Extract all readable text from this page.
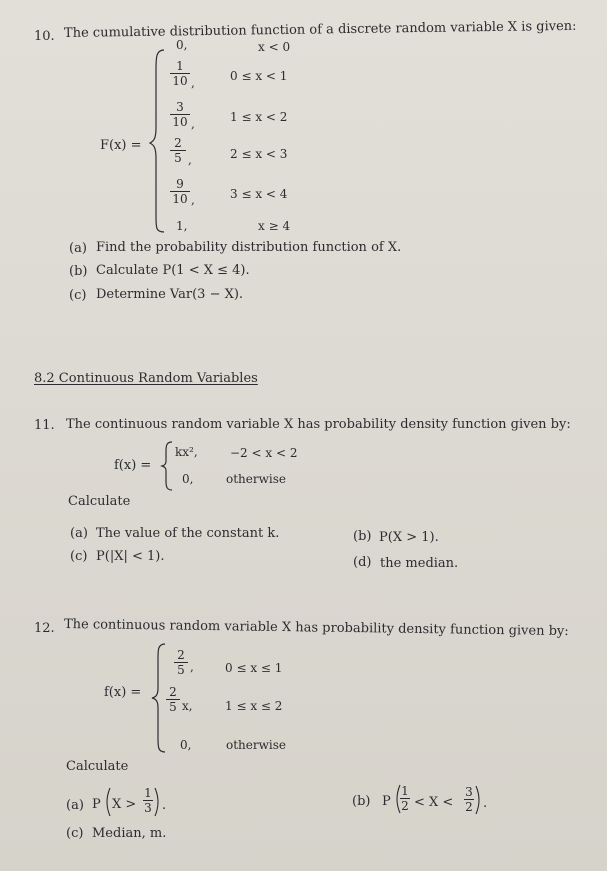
10. The cumulative distribution function of a discrete random variable X is given:
F(x) =
0,	x < 0
1
10 ,	0 ≤ x < 1
3
10 ,	1 ≤ x < 2
2
5 ,	2 ≤ x < 3
9
10 ,	3 ≤ x < 4
1,	x ≥ 4
(a) Find the probability distribution function of X.
(b) Calculate P(1 < X ≤ 4).
(c) Determine Var(3 − X).
8.2 Continuous Random Variables
11. The continuous random variable X has probability density function given by:
f(x) =
kx²,	−2 < x < 2
0,	otherwise
Calculate
(a) The value of the constant k.	(b) P(X > 1).
(c) P(|X| < 1).	(d) the median.
12. The continuous random variable X has probability density function given by:
f(x) =
2
5 ,	0 ≤ x ≤ 1
2
5 x,	1 ≤ x ≤ 2
0,	otherwise
Calculate
(a) P X >
1
3 .	(b) P
1
2 < X <
3
2 .
(c) Median, m.
